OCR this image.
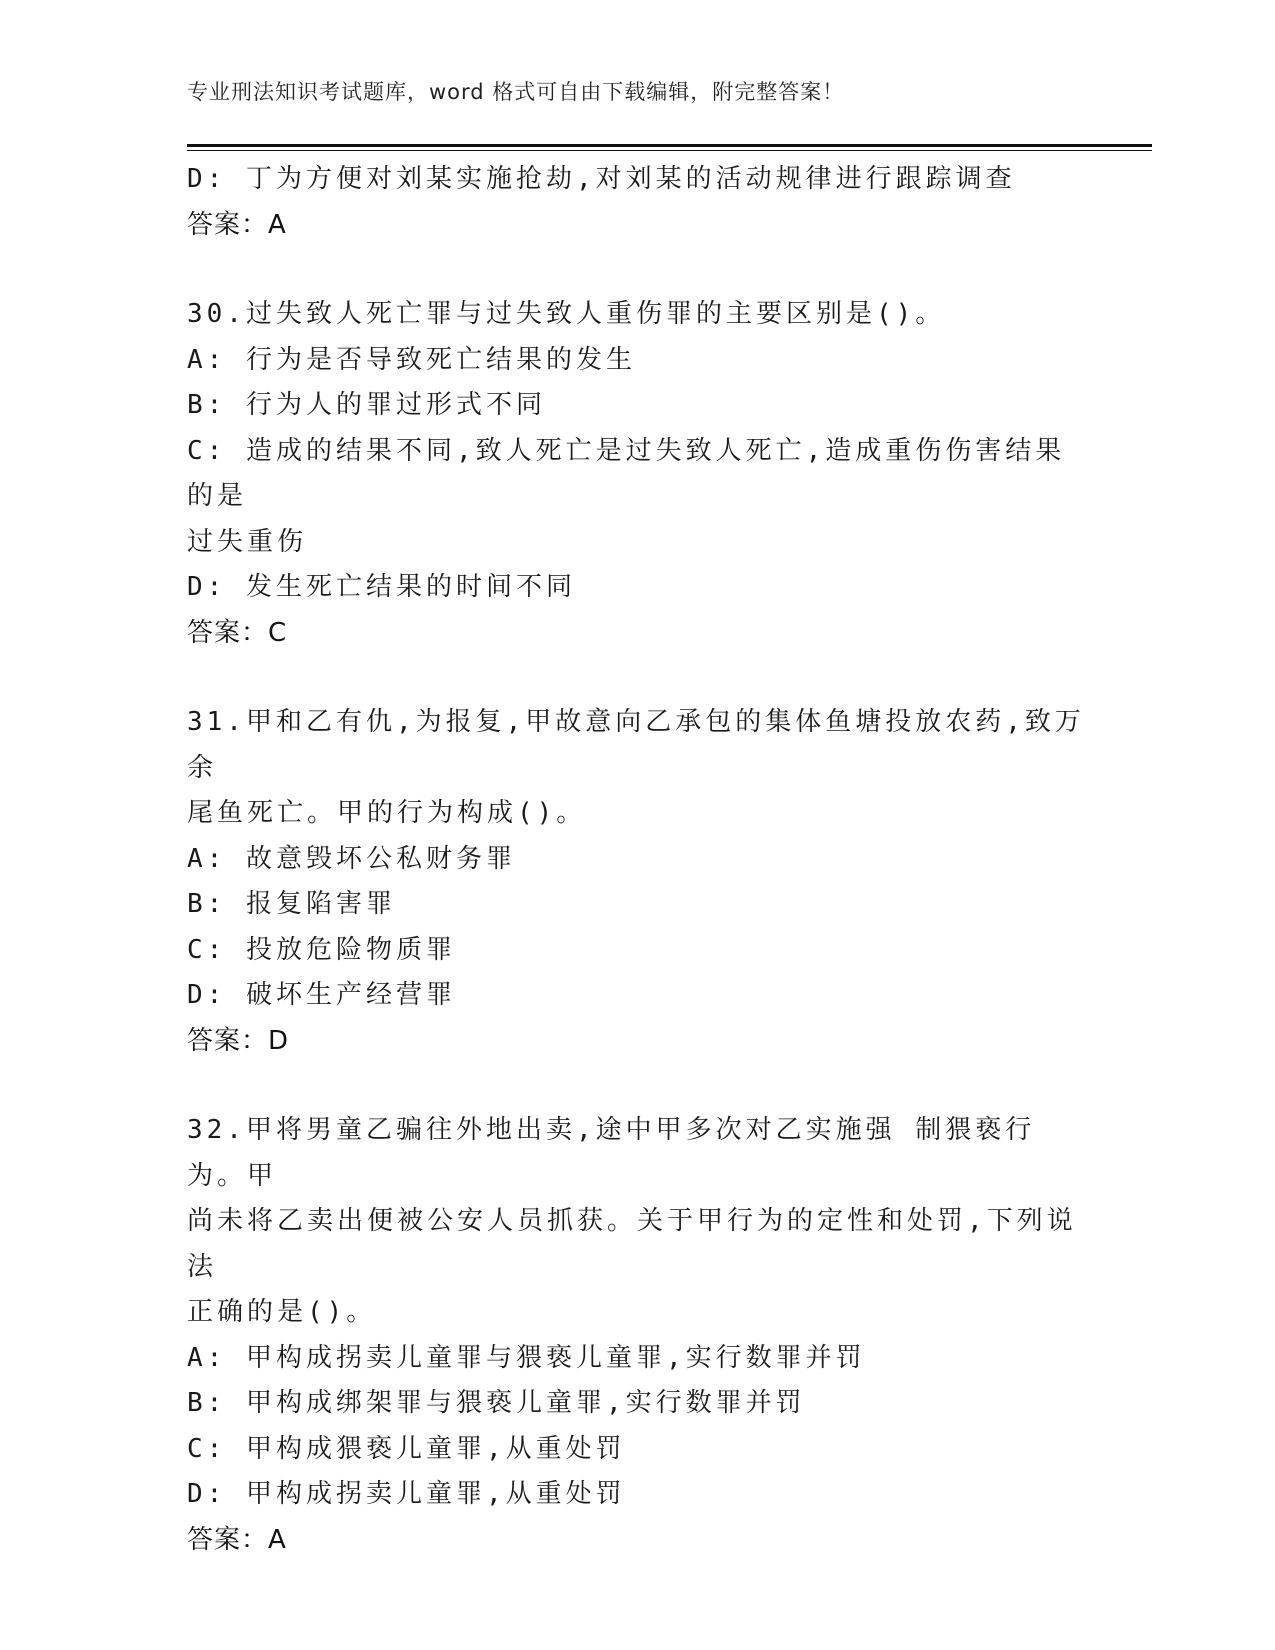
专业刑法知识考试题库，word 格式可自由下载编辑，附完整答案！
D: 丁为方便对刘某实施抢劫,对刘某的活动规律进行跟踪调查
答案：A
30.过失致人死亡罪与过失致人重伤罪的主要区别是()。
A: 行为是否导致死亡结果的发生
B: 行为人的罪过形式不同
C: 造成的结果不同,致人死亡是过失致人死亡,造成重伤伤害结果的是
过失重伤
D: 发生死亡结果的时间不同
答案：C
31.甲和乙有仇,为报复,甲故意向乙承包的集体鱼塘投放农药,致万余
尾鱼死亡。甲的行为构成()。
A: 故意毁坏公私财务罪
B: 报复陷害罪
C: 投放危险物质罪
D: 破坏生产经营罪
答案：D
32.甲将男童乙骗往外地出卖,途中甲多次对乙实施强 制猥亵行为。甲
尚未将乙卖出便被公安人员抓获。关于甲行为的定性和处罚,下列说法
正确的是()。
A: 甲构成拐卖儿童罪与猥亵儿童罪,实行数罪并罚
B: 甲构成绑架罪与猥亵儿童罪,实行数罪并罚
C: 甲构成猥亵儿童罪,从重处罚
D: 甲构成拐卖儿童罪,从重处罚
答案：A
